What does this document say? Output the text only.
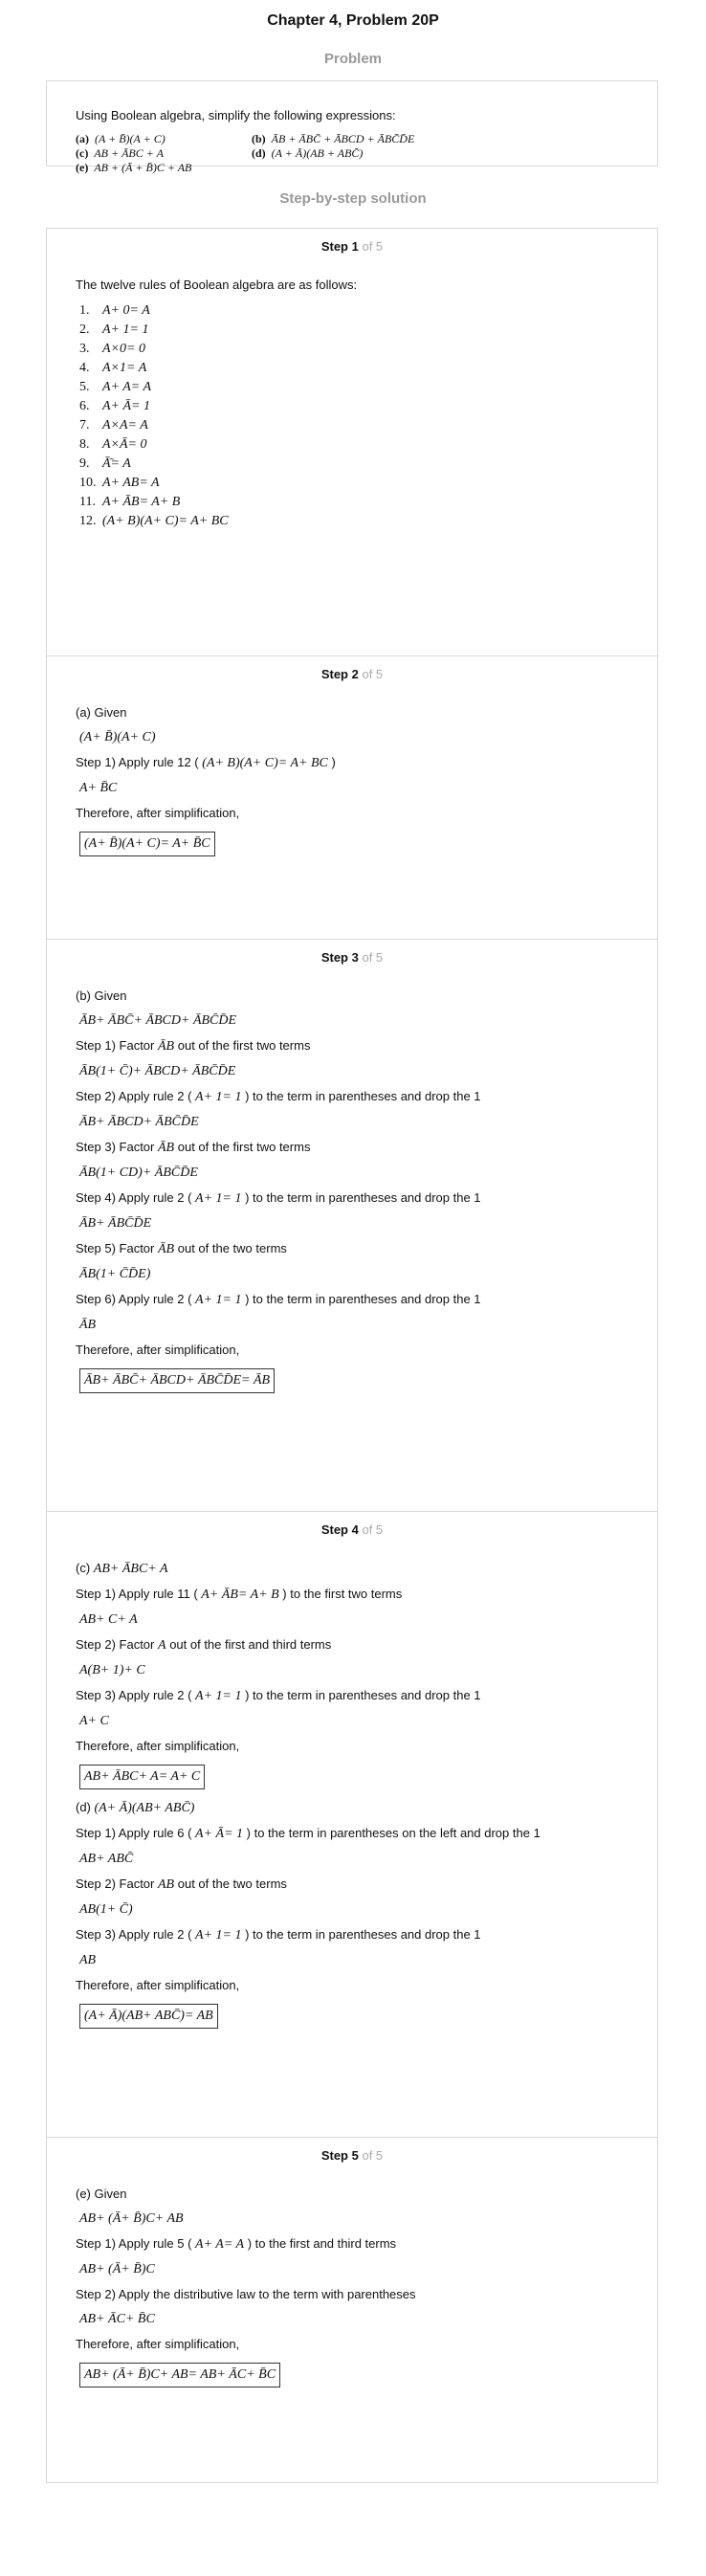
Chapter 4, Problem 20P
Problem
Using Boolean algebra, simplify the following expressions:
(a) (A + B̄)(A + C)	(b) ĀB + ĀBC̄ + ĀBCD + ĀBC̄D̄E
(c) AB + ĀBC + A	(d) (A + Ā)(AB + ABC̄)
(e) AB + (Ā + B̄)C + AB
Step-by-step solution
Step 1 of 5
The twelve rules of Boolean algebra are as follows:
1. A+ 0= A
2. A+ 1= 1
3. A×0= 0
4. A×1= A
5. A+ A= A
6. A+ Ā= 1
7. A×A= A
8. A×Ā= 0
9. Ā̄= A
10. A+ AB= A
11. A+ ĀB= A+ B
12. (A+ B)(A+ C)= A+ BC
Step 2 of 5
(a) Given
(A+ B̄)(A+ C)
Step 1) Apply rule 12 ( (A+ B)(A+ C)= A+ BC )
A+ B̄C
Therefore, after simplification,
(A+ B̄)(A+ C)= A+ B̄C
Step 3 of 5
(b) Given
ĀB+ ĀBC̄+ ĀBCD+ ĀBC̄D̄E
Step 1) Factor ĀB out of the first two terms
ĀB(1+ C̄)+ ĀBCD+ ĀBC̄D̄E
Step 2) Apply rule 2 ( A+ 1= 1 ) to the term in parentheses and drop the 1
ĀB+ ĀBCD+ ĀBC̄D̄E
Step 3) Factor ĀB out of the first two terms
ĀB(1+ CD)+ ĀBC̄D̄E
Step 4) Apply rule 2 ( A+ 1= 1 ) to the term in parentheses and drop the 1
ĀB+ ĀBC̄D̄E
Step 5) Factor ĀB out of the two terms
ĀB(1+ C̄D̄E)
Step 6) Apply rule 2 ( A+ 1= 1 ) to the term in parentheses and drop the 1
ĀB
Therefore, after simplification,
ĀB+ ĀBC̄+ ĀBCD+ ĀBC̄D̄E= ĀB
Step 4 of 5
(c) AB+ ĀBC+ A
Step 1) Apply rule 11 ( A+ ĀB= A+ B ) to the first two terms
AB+ C+ A
Step 2) Factor A out of the first and third terms
A(B+ 1)+ C
Step 3) Apply rule 2 ( A+ 1= 1 ) to the term in parentheses and drop the 1
A+ C
Therefore, after simplification,
AB+ ĀBC+ A= A+ C
(d) (A+ Ā)(AB+ ABC̄)
Step 1) Apply rule 6 ( A+ Ā= 1 ) to the term in parentheses on the left and drop the 1
AB+ ABC̄
Step 2) Factor AB out of the two terms
AB(1+ C̄)
Step 3) Apply rule 2 ( A+ 1= 1 ) to the term in parentheses and drop the 1
AB
Therefore, after simplification,
(A+ Ā)(AB+ ABC̄)= AB
Step 5 of 5
(e) Given
AB+ (Ā+ B̄)C+ AB
Step 1) Apply rule 5 ( A+ A= A ) to the first and third terms
AB+ (Ā+ B̄)C
Step 2) Apply the distributive law to the term with parentheses
AB+ ĀC+ B̄C
Therefore, after simplification,
AB+ (Ā+ B̄)C+ AB= AB+ ĀC+ B̄C
